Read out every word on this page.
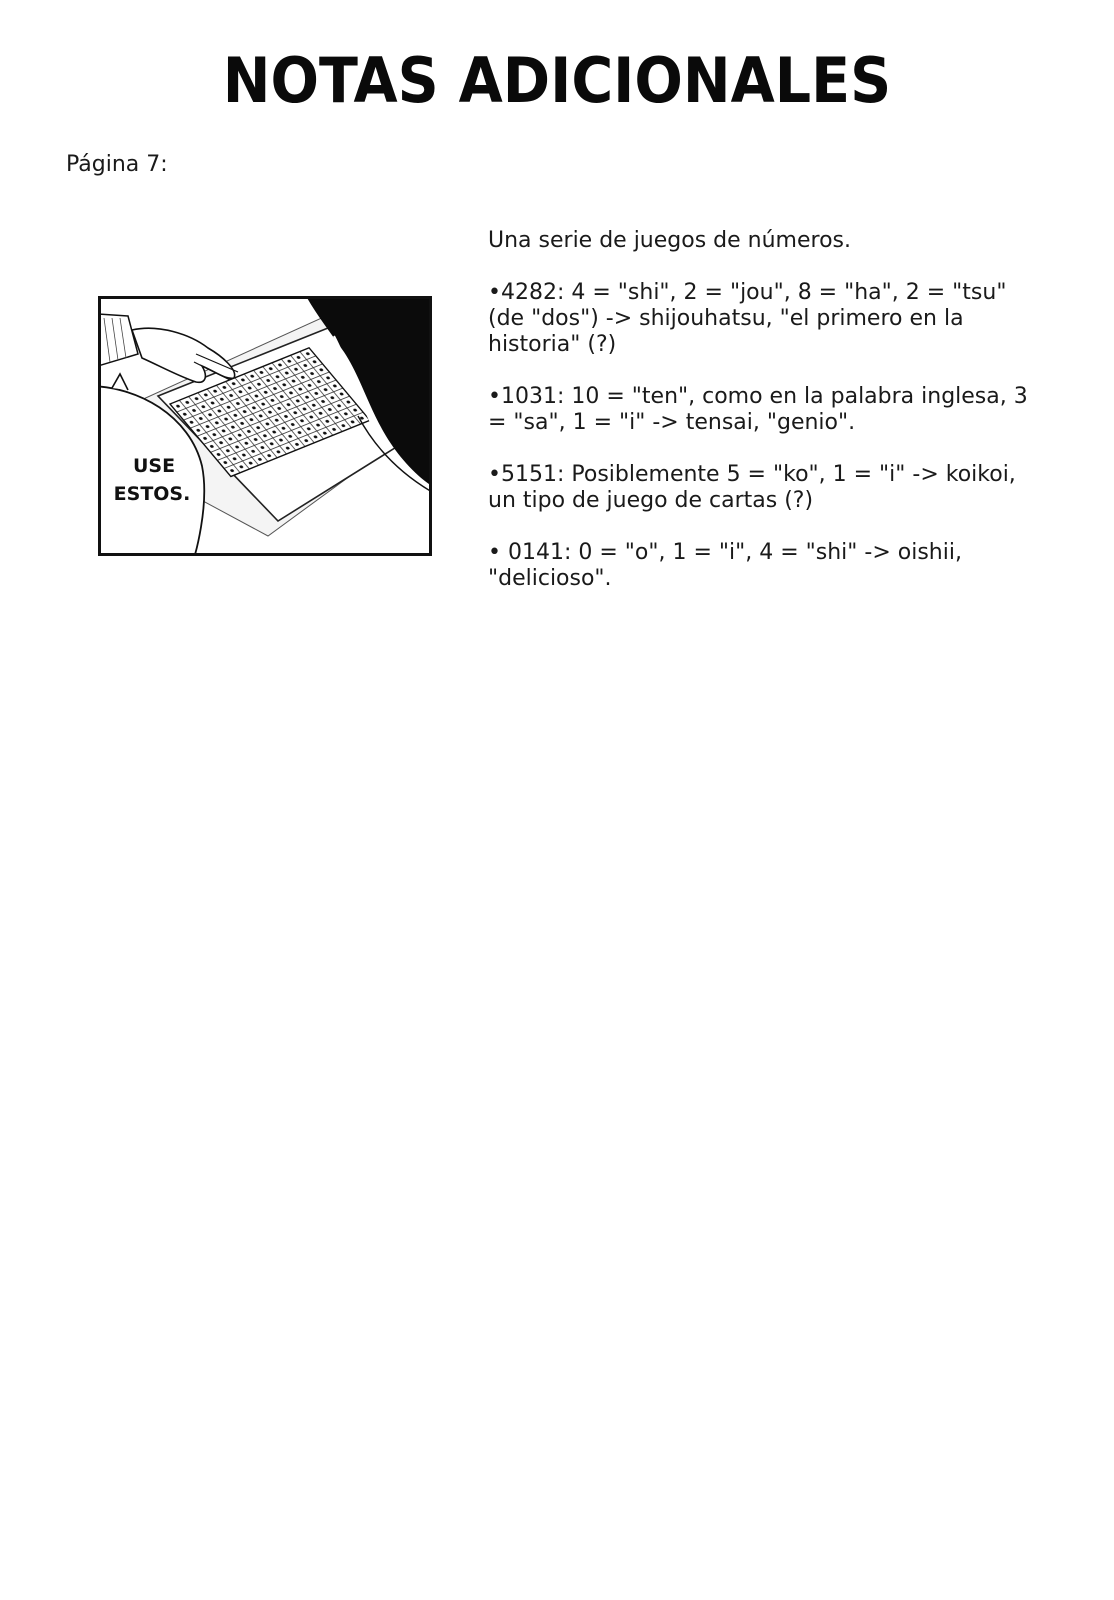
NOTAS ADICIONALES

Página 7:

USE
ESTOS.

Una serie de juegos de números.

•4282: 4 = "shi", 2 = "jou", 8 = "ha", 2 = "tsu" (de "dos") -> shijouhatsu, "el primero en la historia" (?)

•1031: 10 = "ten", como en la palabra inglesa, 3 = "sa", 1 = "i" -> tensai, "genio".

•5151: Posiblemente 5 = "ko", 1 = "i" -> koikoi, un tipo de juego de cartas (?)

• 0141: 0 = "o", 1 = "i", 4 = "shi" -> oishii, "delicioso".
